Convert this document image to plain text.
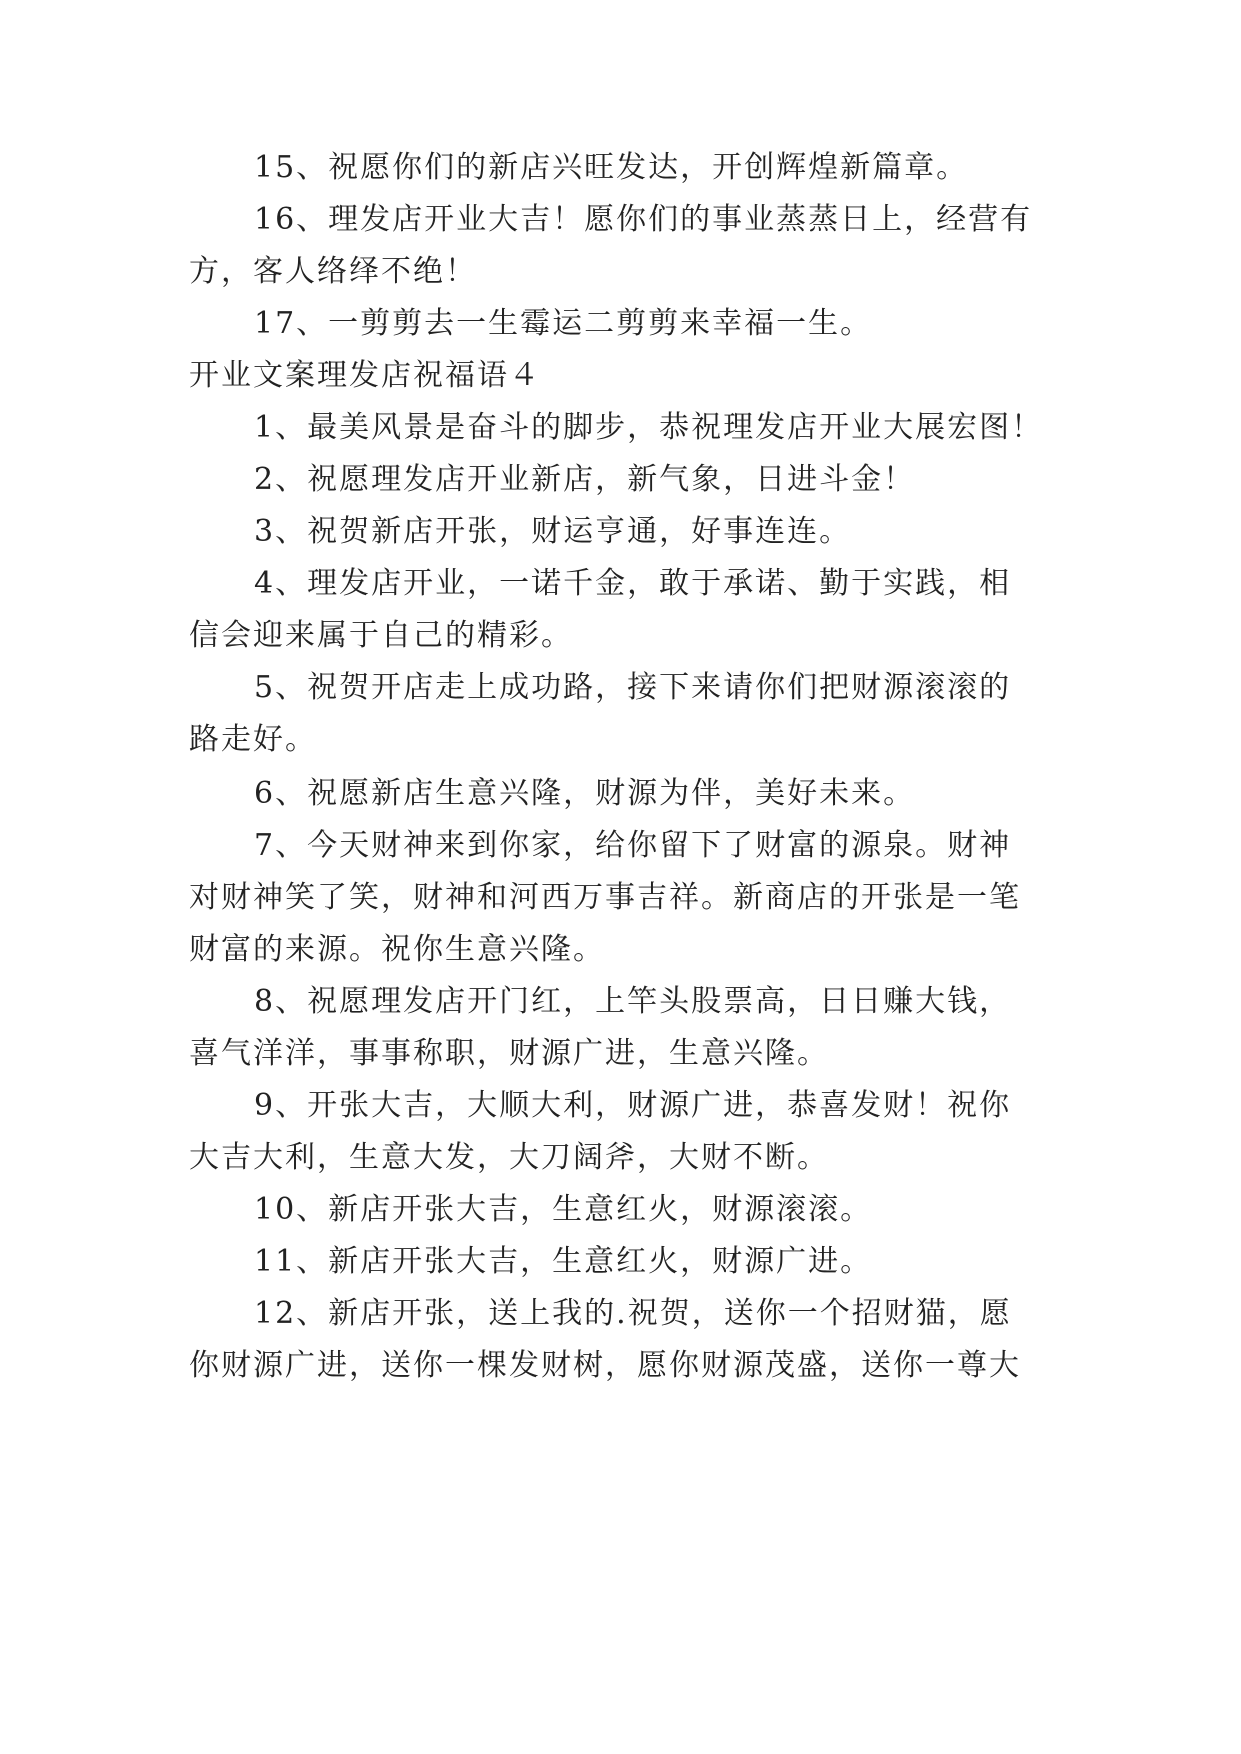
15、祝愿你们的新店兴旺发达，开创辉煌新篇章。
16、理发店开业大吉！愿你们的事业蒸蒸日上，经营有
方，客人络绎不绝！
17、一剪剪去一生霉运二剪剪来幸福一生。
开业文案理发店祝福语４
1、最美风景是奋斗的脚步，恭祝理发店开业大展宏图！
2、祝愿理发店开业新店，新气象，日进斗金！
3、祝贺新店开张，财运亨通，好事连连。
4、理发店开业，一诺千金，敢于承诺、勤于实践，相
信会迎来属于自己的精彩。
5、祝贺开店走上成功路，接下来请你们把财源滚滚的
路走好。
6、祝愿新店生意兴隆，财源为伴，美好未来。
7、今天财神来到你家，给你留下了财富的源泉。财神
对财神笑了笑，财神和河西万事吉祥。新商店的开张是一笔
财富的来源。祝你生意兴隆。
8、祝愿理发店开门红，上竿头股票高，日日赚大钱，
喜气洋洋，事事称职，财源广进，生意兴隆。
9、开张大吉，大顺大利，财源广进，恭喜发财！祝你
大吉大利，生意大发，大刀阔斧，大财不断。
10、新店开张大吉，生意红火，财源滚滚。
11、新店开张大吉，生意红火，财源广进。
12、新店开张，送上我的.祝贺，送你一个招财猫，愿
你财源广进，送你一棵发财树，愿你财源茂盛，送你一尊大
